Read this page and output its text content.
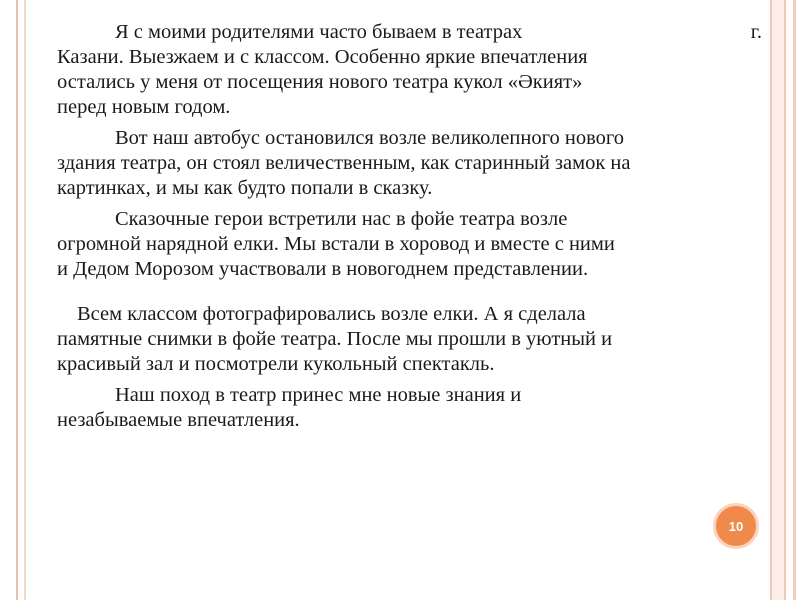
Я с моими родителями часто бываем в театрах	г.
Казани. Выезжаем и с классом. Особенно яркие впечатления
остались у меня от посещения нового театра кукол «Әкият»
перед новым годом.
Вот наш автобус остановился возле великолепного нового
здания театра, он стоял величественным, как старинный замок на
картинках, и мы как будто попали в сказку.
Сказочные герои встретили нас в фойе театра возле
огромной нарядной елки. Мы встали в хоровод и вместе с ними
и Дедом Морозом участвовали в новогоднем представлении.
Всем классом фотографировались возле елки. А я сделала
памятные снимки в фойе театра. После мы прошли в уютный и
красивый зал и посмотрели кукольный спектакль.
Наш поход в театр принес мне новые знания и
незабываемые впечатления.
10
